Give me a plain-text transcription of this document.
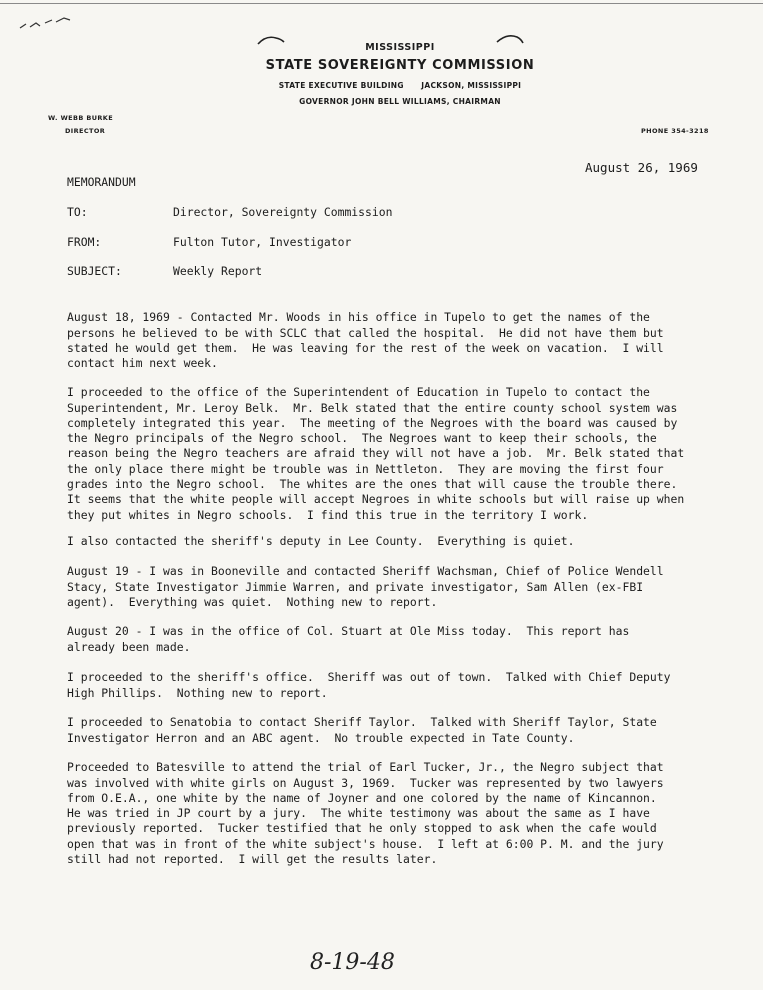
MISSISSIPPI
STATE SOVEREIGNTY COMMISSION
STATE EXECUTIVE BUILDING      JACKSON, MISSISSIPPI
GOVERNOR JOHN BELL WILLIAMS, CHAIRMAN
W. WEBB BURKE
DIRECTOR	PHONE 354-3218
August 26, 1969
MEMORANDUM
TO:	Director, Sovereignty Commission
FROM:	Fulton Tutor, Investigator
SUBJECT:	Weekly Report

August 18, 1969 - Contacted Mr. Woods in his office in Tupelo to get the names of the
persons he believed to be with SCLC that called the hospital.  He did not have them but
stated he would get them.  He was leaving for the rest of the week on vacation.  I will
contact him next week.

I proceeded to the office of the Superintendent of Education in Tupelo to contact the
Superintendent, Mr. Leroy Belk.  Mr. Belk stated that the entire county school system was
completely integrated this year.  The meeting of the Negroes with the board was caused by
the Negro principals of the Negro school.  The Negroes want to keep their schools, the
reason being the Negro teachers are afraid they will not have a job.  Mr. Belk stated that
the only place there might be trouble was in Nettleton.  They are moving the first four
grades into the Negro school.  The whites are the ones that will cause the trouble there.
It seems that the white people will accept Negroes in white schools but will raise up when
they put whites in Negro schools.  I find this true in the territory I work.

I also contacted the sheriff's deputy in Lee County.  Everything is quiet.

August 19 - I was in Booneville and contacted Sheriff Wachsman, Chief of Police Wendell
Stacy, State Investigator Jimmie Warren, and private investigator, Sam Allen (ex-FBI
agent).  Everything was quiet.  Nothing new to report.

August 20 - I was in the office of Col. Stuart at Ole Miss today.  This report has
already been made.

I proceeded to the sheriff's office.  Sheriff was out of town.  Talked with Chief Deputy
High Phillips.  Nothing new to report.

I proceeded to Senatobia to contact Sheriff Taylor.  Talked with Sheriff Taylor, State
Investigator Herron and an ABC agent.  No trouble expected in Tate County.

Proceeded to Batesville to attend the trial of Earl Tucker, Jr., the Negro subject that
was involved with white girls on August 3, 1969.  Tucker was represented by two lawyers
from O.E.A., one white by the name of Joyner and one colored by the name of Kincannon.
He was tried in JP court by a jury.  The white testimony was about the same as I have
previously reported.  Tucker testified that he only stopped to ask when the cafe would
open that was in front of the white subject's house.  I left at 6:00 P. M. and the jury
still had not reported.  I will get the results later.
8-19-48
